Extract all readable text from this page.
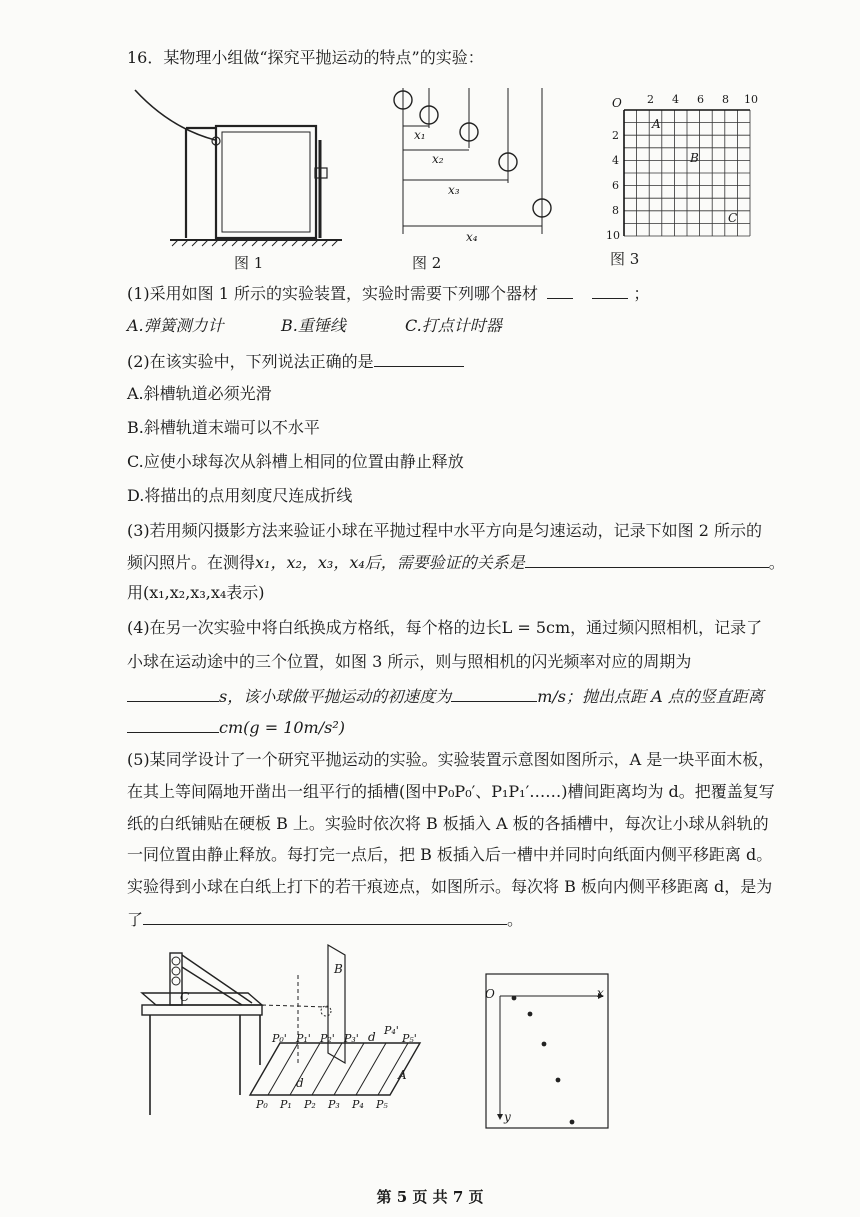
16．某物理小组做“探究平抛运动的特点”的实验：
图 1
x₁
x₂
x₃
x₄
图 2
O 2 4 6 8 10
2
4
6
8
10
A
B
C
图 3
(1)采用如图 1 所示的实验装置，实验时需要下列哪个器材	；
A.弹簧测力计	B.重锤线	C.打点计时器
(2)在该实验中，下列说法正确的是
A.斜槽轨道必须光滑
B.斜槽轨道末端可以不水平
C.应使小球每次从斜槽上相同的位置由静止释放
D.将描出的点用刻度尺连成折线
(3)若用频闪摄影方法来验证小球在平抛过程中水平方向是匀速运动，记录下如图 2 所示的
频闪照片。在测得x₁，x₂，x₃，x₄后，需要验证的关系是	。
用(x₁,x₂,x₃,x₄表示)
(4)在另一次实验中将白纸换成方格纸，每个格的边长L = 5cm，通过频闪照相机，记录了
小球在运动途中的三个位置，如图 3 所示，则与照相机的闪光频率对应的周期为
s，该小球做平抛运动的初速度为	m/s；抛出点距 A 点的竖直距离
cm(g = 10m/s²)
(5)某同学设计了一个研究平抛运动的实验。实验装置示意图如图所示，A 是一块平面木板，
在其上等间隔地开凿出一组平行的插槽(图中P₀P₀′、P₁P₁′……)槽间距离均为 d。把覆盖复写
纸的白纸铺贴在硬板 B 上。实验时依次将 B 板插入 A 板的各插槽中，每次让小球从斜轨的
一同位置由静止释放。每打完一点后，把 B 板插入后一槽中并同时向纸面内侧平移距离 d。
实验得到小球在白纸上打下的若干痕迹点，如图所示。每次将 B 板向内侧平移距离 d，是为
了	。
B
C
A
d
d
P₀' P₁' P₂' P₃'
P₄'
P₅'
P₀ P₁ P₂ P₃ P₄ P₅
O	x
y
第 5 页 共 7 页
